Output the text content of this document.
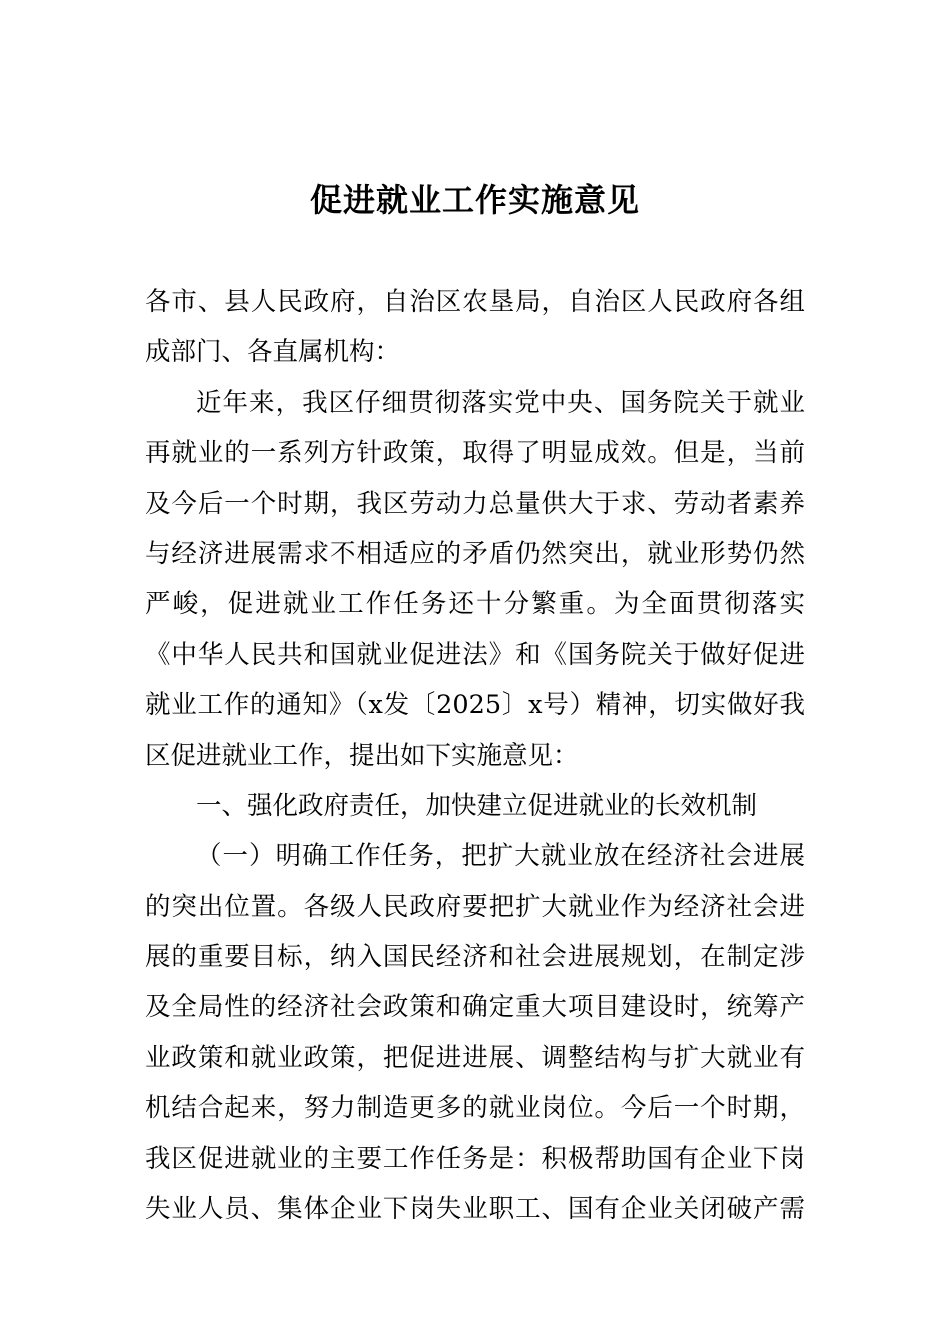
促进就业工作实施意见
各市、县人民政府，自治区农垦局，自治区人民政府各组
成部门、各直属机构：
近年来，我区仔细贯彻落实党中央、国务院关于就业
再就业的一系列方针政策，取得了明显成效。但是，当前
及今后一个时期，我区劳动力总量供大于求、劳动者素养
与经济进展需求不相适应的矛盾仍然突出，就业形势仍然
严峻，促进就业工作任务还十分繁重。为全面贯彻落实
《中华人民共和国就业促进法》和《国务院关于做好促进
就业工作的通知》（x发〔2025〕x号）精神，切实做好我
区促进就业工作，提出如下实施意见：
一、强化政府责任，加快建立促进就业的长效机制
（一）明确工作任务，把扩大就业放在经济社会进展
的突出位置。各级人民政府要把扩大就业作为经济社会进
展的重要目标，纳入国民经济和社会进展规划，在制定涉
及全局性的经济社会政策和确定重大项目建设时，统筹产
业政策和就业政策，把促进进展、调整结构与扩大就业有
机结合起来，努力制造更多的就业岗位。今后一个时期，
我区促进就业的主要工作任务是：积极帮助国有企业下岗
失业人员、集体企业下岗失业职工、国有企业关闭破产需
